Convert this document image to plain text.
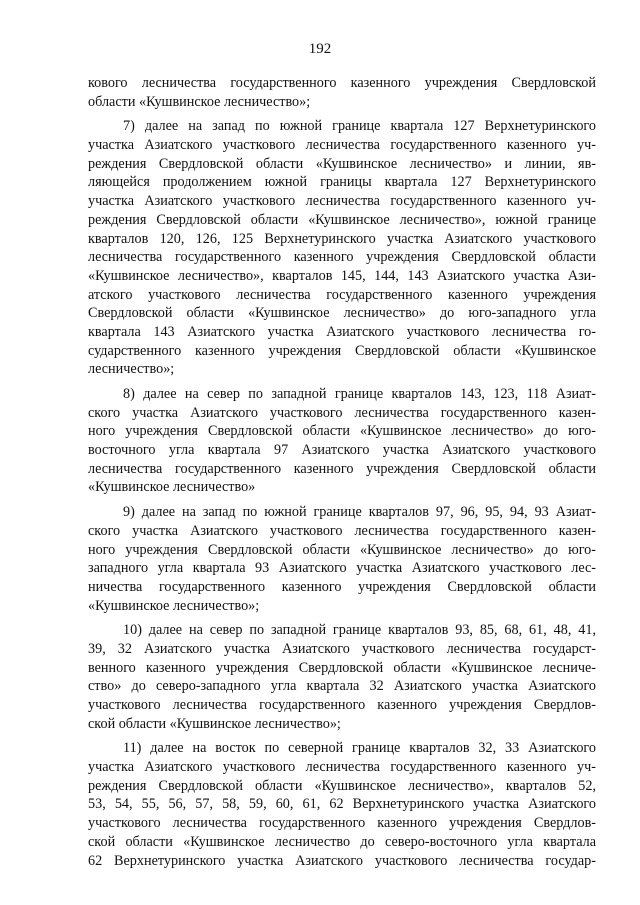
192
кового лесничества государственного казенного учреждения Свердловской
области «Кушвинское лесничество»;
7) далее на запад по южной границе квартала 127 Верхнетуринского
участка Азиатского участкового лесничества государственного казенного уч-
реждения Свердловской области «Кушвинское лесничество» и линии, яв-
ляющейся продолжением южной границы квартала 127 Верхнетуринского
участка Азиатского участкового лесничества государственного казенного уч-
реждения Свердловской области «Кушвинское лесничество», южной границе
кварталов 120, 126, 125 Верхнетуринского участка Азиатского участкового
лесничества государственного казенного учреждения Свердловской области
«Кушвинское лесничество», кварталов 145, 144, 143 Азиатского участка Ази-
атского участкового лесничества государственного казенного учреждения
Свердловской области «Кушвинское лесничество» до юго-западного угла
квартала 143 Азиатского участка Азиатского участкового лесничества го-
сударственного казенного учреждения Свердловской области «Кушвинское
лесничество»;
8) далее на север по западной границе кварталов 143, 123, 118 Азиат-
ского участка Азиатского участкового лесничества государственного казен-
ного учреждения Свердловской области «Кушвинское лесничество» до юго-
восточного угла квартала 97 Азиатского участка Азиатского участкового
лесничества государственного казенного учреждения Свердловской области
«Кушвинское лесничество»
9) далее на запад по южной границе кварталов 97, 96, 95, 94, 93 Азиат-
ского участка Азиатского участкового лесничества государственного казен-
ного учреждения Свердловской области «Кушвинское лесничество» до юго-
западного угла квартала 93 Азиатского участка Азиатского участкового лес-
ничества государственного казенного учреждения Свердловской области
«Кушвинское лесничество»;
10) далее на север по западной границе кварталов 93, 85, 68, 61, 48, 41,
39, 32 Азиатского участка Азиатского участкового лесничества государст-
венного казенного учреждения Свердловской области «Кушвинское лесниче-
ство» до северо-западного угла квартала 32 Азиатского участка Азиатского
участкового лесничества государственного казенного учреждения Свердлов-
ской области «Кушвинское лесничество»;
11) далее на восток по северной границе кварталов 32, 33 Азиатского
участка Азиатского участкового лесничества государственного казенного уч-
реждения Свердловской области «Кушвинское лесничество», кварталов 52,
53, 54, 55, 56, 57, 58, 59, 60, 61, 62 Верхнетуринского участка Азиатского
участкового лесничества государственного казенного учреждения Свердлов-
ской области «Кушвинское лесничество до северо-восточного угла квартала
62 Верхнетуринского участка Азиатского участкового лесничества государ-
